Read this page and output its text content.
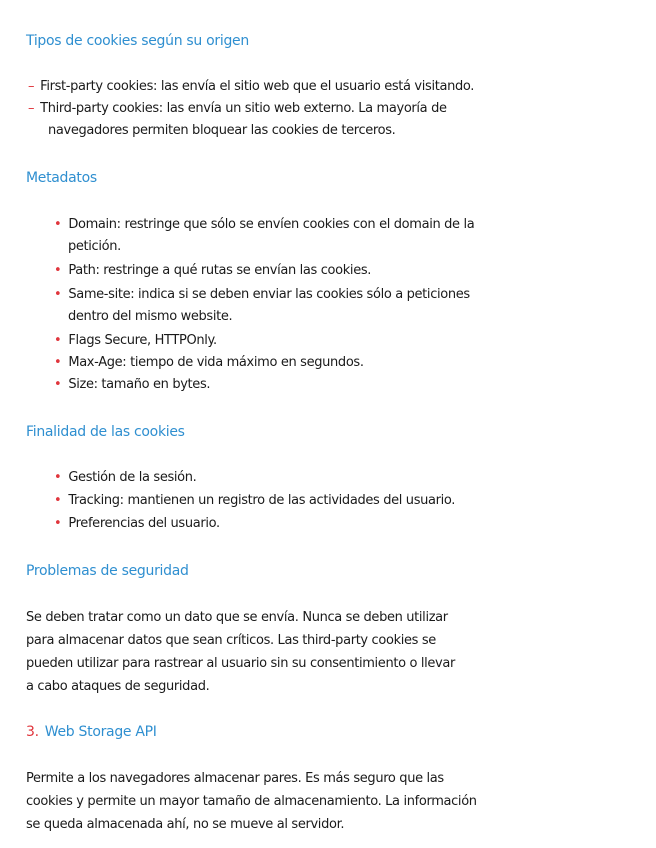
Tipos de cookies según su origen
– First-party cookies: las envía el sitio web que el usuario está visitando.
– Third-party cookies: las envía un sitio web externo. La mayoría de
navegadores permiten bloquear las cookies de terceros.
Metadatos
• Domain: restringe que sólo se envíen cookies con el domain de la
petición.
• Path: restringe a qué rutas se envían las cookies.
• Same-site: indica si se deben enviar las cookies sólo a peticiones
dentro del mismo website.
• Flags Secure, HTTPOnly.
• Max-Age: tiempo de vida máximo en segundos.
• Size: tamaño en bytes.
Finalidad de las cookies
• Gestión de la sesión.
• Tracking: mantienen un registro de las actividades del usuario.
• Preferencias del usuario.
Problemas de seguridad
Se deben tratar como un dato que se envía. Nunca se deben utilizar
para almacenar datos que sean críticos. Las third-party cookies se
pueden utilizar para rastrear al usuario sin su consentimiento o llevar
a cabo ataques de seguridad.
3. Web Storage API
Permite a los navegadores almacenar pares. Es más seguro que las
cookies y permite un mayor tamaño de almacenamiento. La información
se queda almacenada ahí, no se mueve al servidor.
